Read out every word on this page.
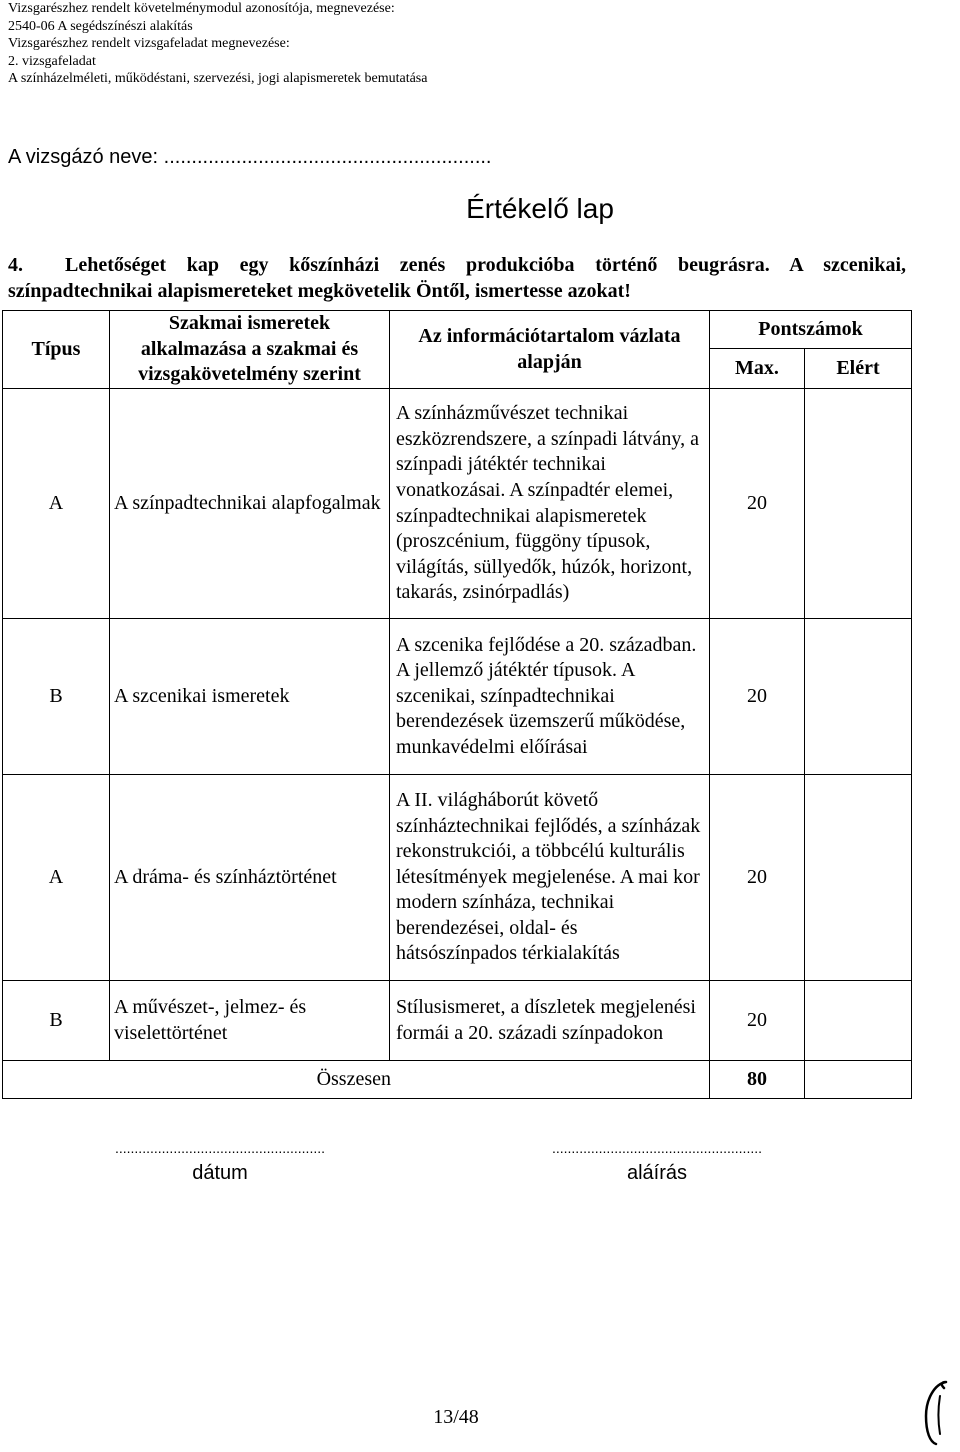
Vizsgarészhez rendelt követelménymodul azonosítója, megnevezése:
2540-06 A segédszínészi alakítás
Vizsgarészhez rendelt vizsgafeladat megnevezése:
2. vizsgafeladat
A színházelméleti, működéstani, szervezési, jogi alapismeretek bemutatása
A vizsgázó neve: ...........................................................
Értékelő lap

4. Lehetőséget kap egy kőszínházi zenés produkcióba történő beugrásra. A szcenikai, színpadtechnikai alapismereteket megkövetelik Öntől, ismertesse azokat!

Típus	Szakmai ismeretek alkalmazása a szakmai és vizsgakövetelmény szerint	Az információtartalom vázlata alapján	Pontszámok	
			Max.	Elért
A	A színpadtechnikai alapfogalmak	A színházművészet technikai eszközrendszere, a színpadi látvány, a színpadi játéktér technikai vonatkozásai. A színpadtér elemei, színpadtechnikai alapismeretek (proszcénium, függöny típusok, világítás, süllyedők, húzók, horizont, takarás, zsinórpadlás)	20	
B	A szcenikai ismeretek	A szcenika fejlődése a 20. században. A jellemző játéktér típusok. A szcenikai, színpadtechnikai berendezések üzemszerű működése, munkavédelmi előírásai	20	
A	A dráma- és színháztörténet	A II. világháborút követő színháztechnikai fejlődés, a színházak rekonstrukciói, a többcélú kulturális létesítmények megjelenése. A mai kor modern színháza, technikai berendezései, oldal- és hátsószínpados térkialakítás	20	
B	A művészet-, jelmez- és viselettörténet	Stílusismeret, a díszletek megjelenési formái a 20. századi színpadokon	20	
Összesen			80	
......................................................
dátum
......................................................
aláírás
13/48
